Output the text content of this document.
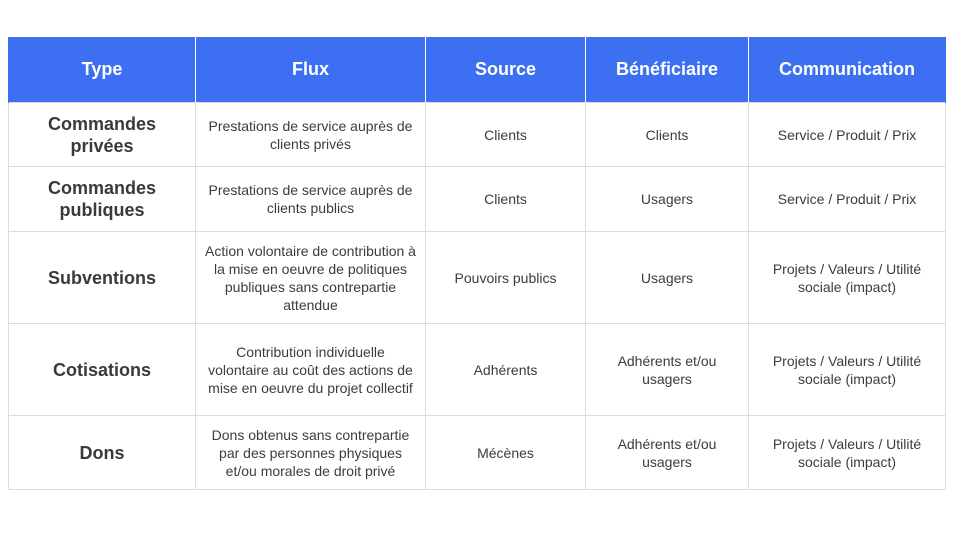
Type	Flux	Source	Bénéficiaire	Communication
Commandes privées	Prestations de service auprès de clients privés	Clients	Clients	Service / Produit / Prix
Commandes publiques	Prestations de service auprès de clients publics	Clients	Usagers	Service / Produit / Prix
Subventions	Action volontaire de contribution à la mise en oeuvre de politiques publiques sans contrepartie attendue	Pouvoirs publics	Usagers	Projets / Valeurs / Utilité sociale (impact)
Cotisations	Contribution individuelle volontaire au coût des actions de mise en oeuvre du projet collectif	Adhérents	Adhérents et/ou usagers	Projets / Valeurs / Utilité sociale (impact)
Dons	Dons obtenus sans contrepartie par des personnes physiques et/ou morales de droit privé	Mécènes	Adhérents et/ou usagers	Projets / Valeurs / Utilité sociale (impact)
